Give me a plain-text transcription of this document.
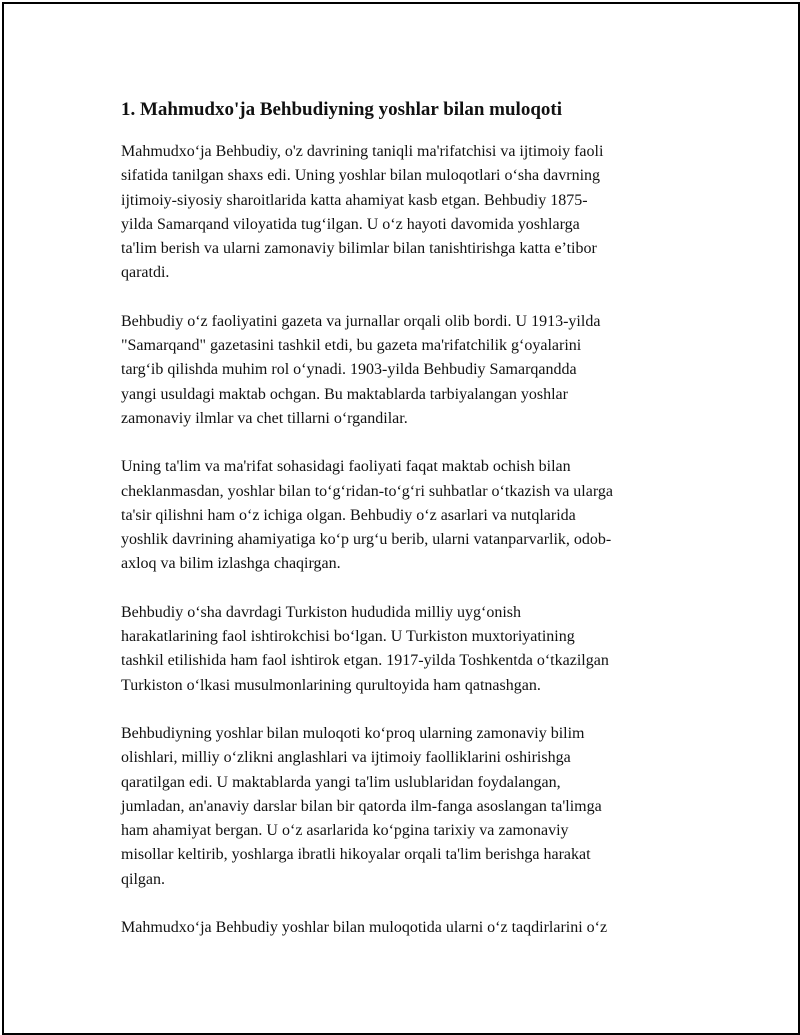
1. Mahmudxo'ja Behbudiyning yoshlar bilan muloqoti

Mahmudxoʻja Behbudiy, o'z davrining taniqli ma'rifatchisi va ijtimoiy faoli
sifatida tanilgan shaxs edi. Uning yoshlar bilan muloqotlari oʻsha davrning
ijtimoiy-siyosiy sharoitlarida katta ahamiyat kasb etgan. Behbudiy 1875-
yilda Samarqand viloyatida tugʻilgan. U oʻz hayoti davomida yoshlarga
ta'lim berish va ularni zamonaviy bilimlar bilan tanishtirishga katta e’tibor
qaratdi.

Behbudiy oʻz faoliyatini gazeta va jurnallar orqali olib bordi. U 1913-yilda
"Samarqand" gazetasini tashkil etdi, bu gazeta ma'rifatchilik gʻoyalarini
targʻib qilishda muhim rol oʻynadi. 1903-yilda Behbudiy Samarqandda
yangi usuldagi maktab ochgan. Bu maktablarda tarbiyalangan yoshlar
zamonaviy ilmlar va chet tillarni oʻrgandilar.

Uning ta'lim va ma'rifat sohasidagi faoliyati faqat maktab ochish bilan
cheklanmasdan, yoshlar bilan toʻgʻridan-toʻgʻri suhbatlar oʻtkazish va ularga
ta'sir qilishni ham oʻz ichiga olgan. Behbudiy oʻz asarlari va nutqlarida
yoshlik davrining ahamiyatiga koʻp urgʻu berib, ularni vatanparvarlik, odob-
axloq va bilim izlashga chaqirgan.

Behbudiy oʻsha davrdagi Turkiston hududida milliy uygʻonish
harakatlarining faol ishtirokchisi boʻlgan. U Turkiston muxtoriyatining
tashkil etilishida ham faol ishtirok etgan. 1917-yilda Toshkentda oʻtkazilgan
Turkiston oʻlkasi musulmonlarining qurultoyida ham qatnashgan.

Behbudiyning yoshlar bilan muloqoti koʻproq ularning zamonaviy bilim
olishlari, milliy oʻzlikni anglashlari va ijtimoiy faolliklarini oshirishga
qaratilgan edi. U maktablarda yangi ta'lim uslublaridan foydalangan,
jumladan, an'anaviy darslar bilan bir qatorda ilm-fanga asoslangan ta'limga
ham ahamiyat bergan. U oʻz asarlarida koʻpgina tarixiy va zamonaviy
misollar keltirib, yoshlarga ibratli hikoyalar orqali ta'lim berishga harakat
qilgan.

Mahmudxoʻja Behbudiy yoshlar bilan muloqotida ularni oʻz taqdirlarini oʻz
